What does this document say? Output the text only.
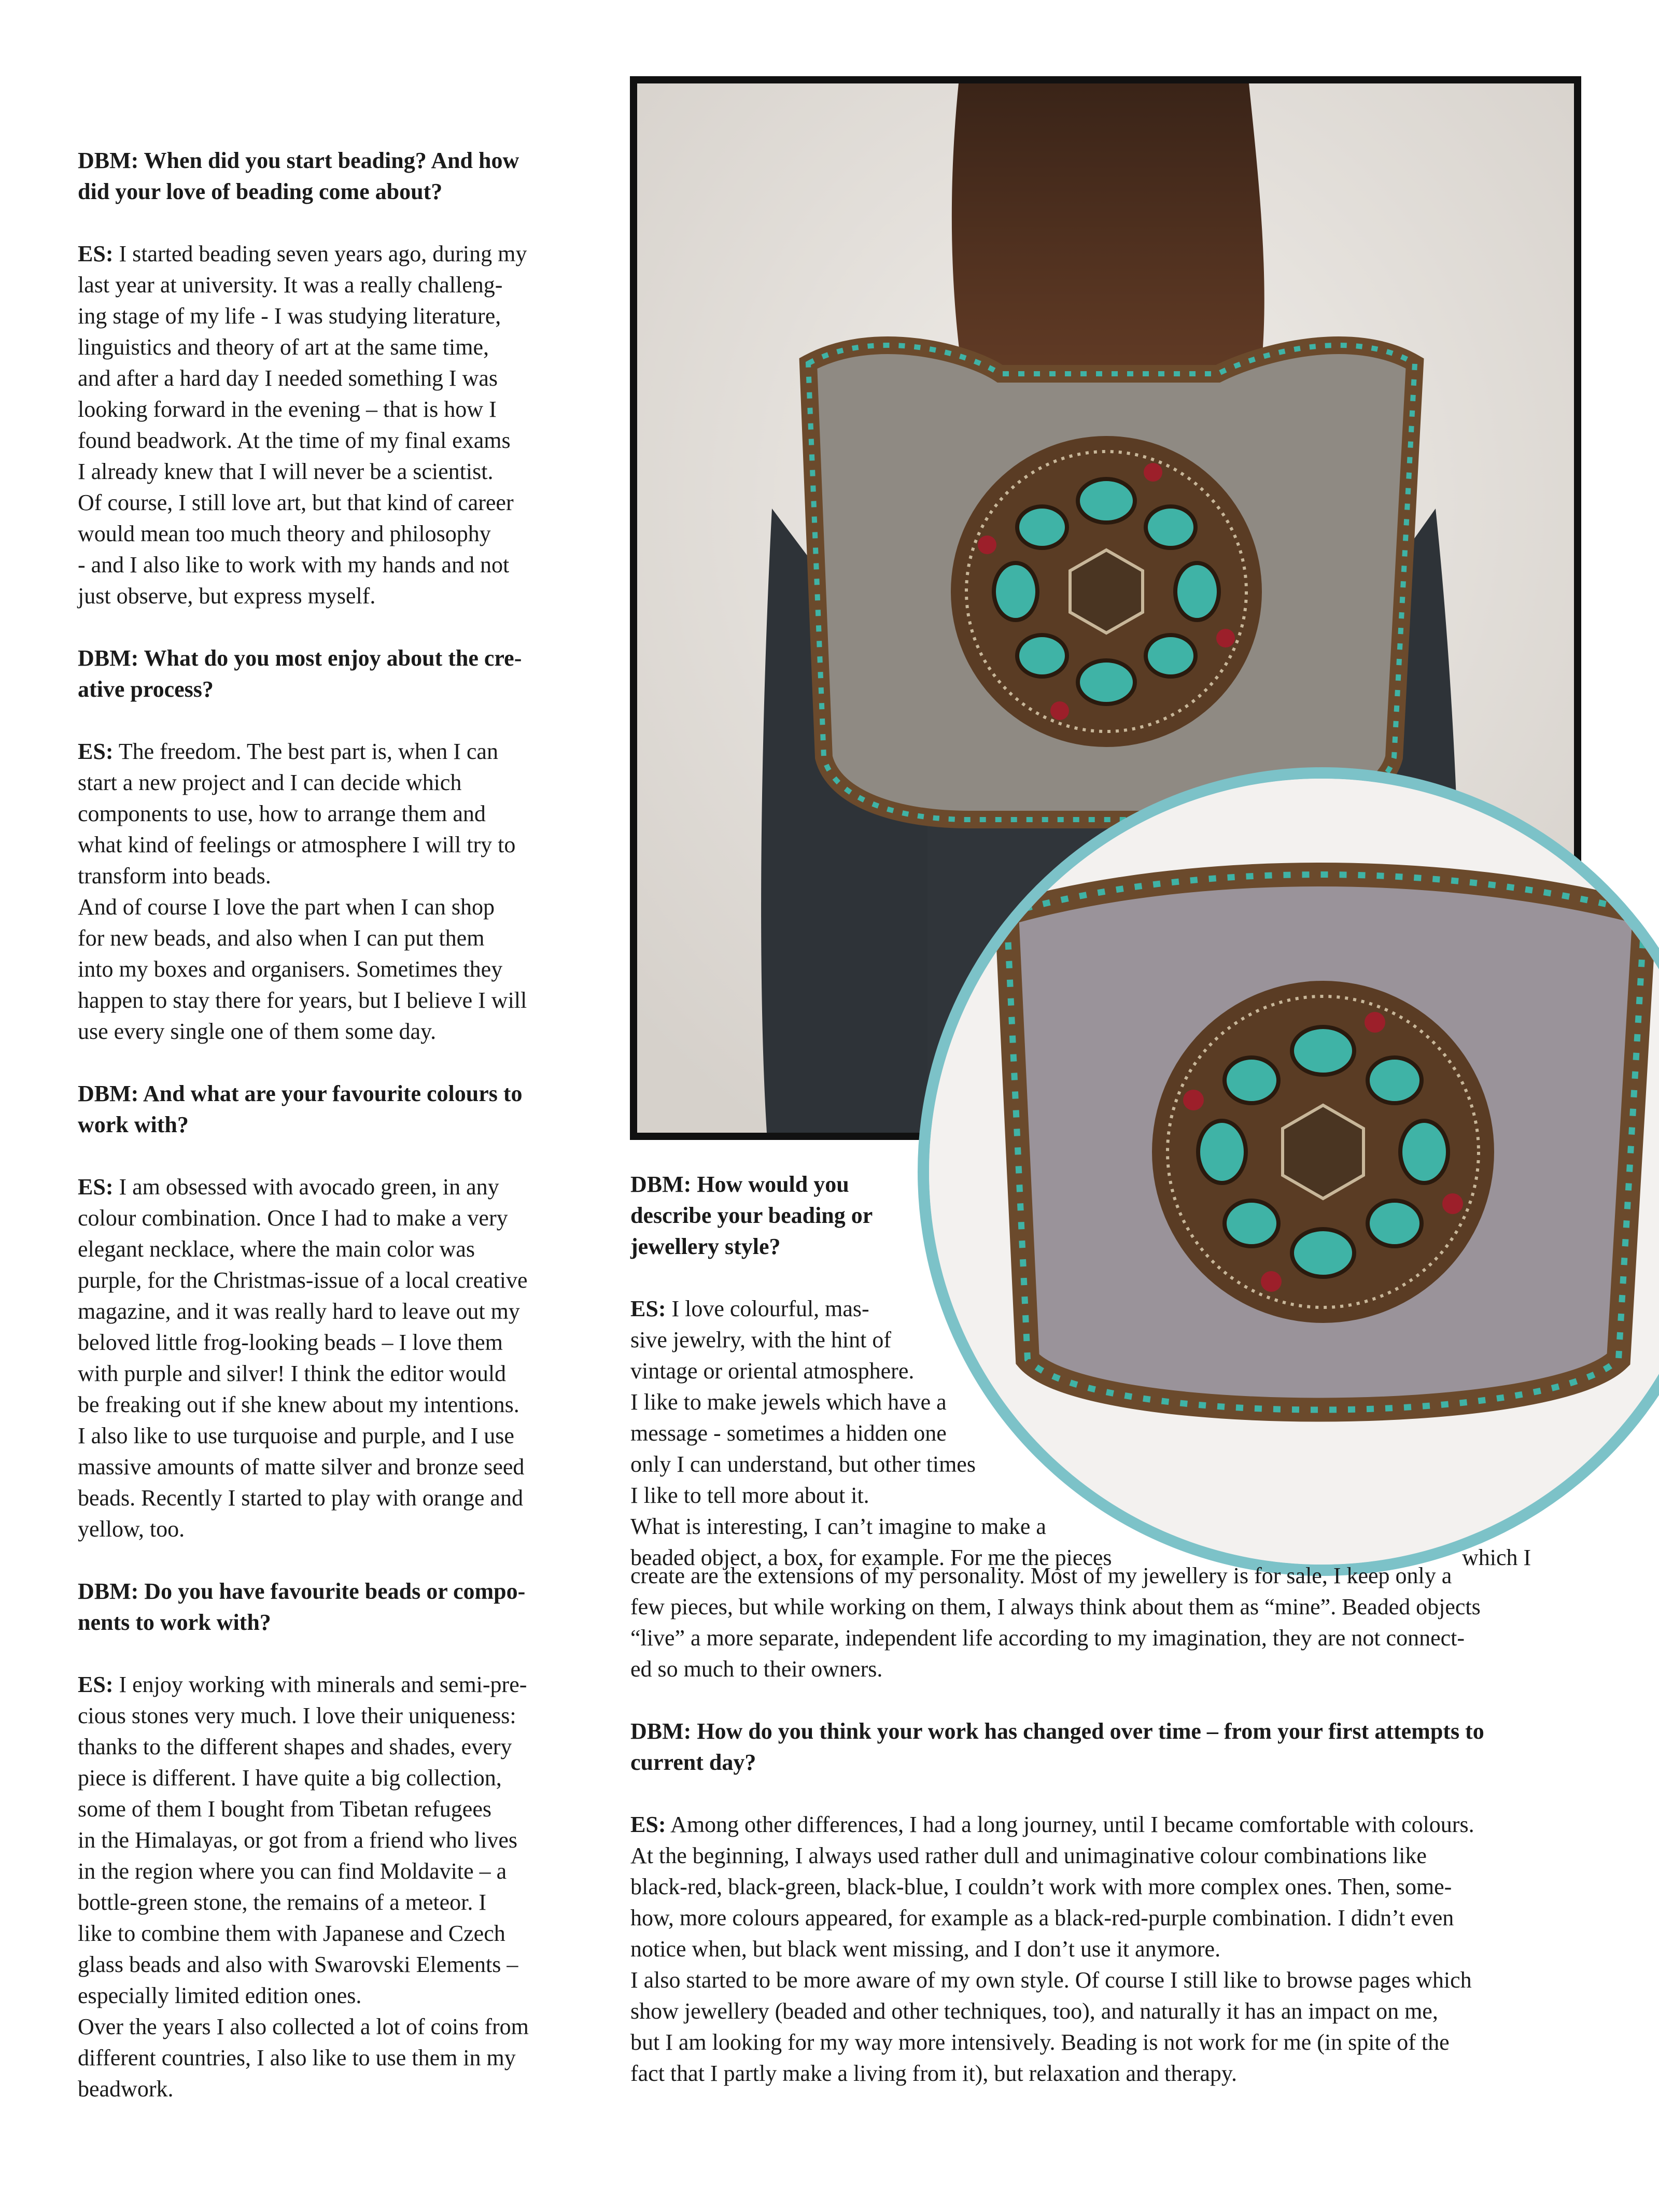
DBM: When did you start beading? And how
did your love of beading come about?

ES: I started beading seven years ago, during my
last year at university. It was a really challeng-
ing stage of my life - I was studying literature,
linguistics and theory of art at the same time,
and after a hard day I needed something I was
looking forward in the evening – that is how I
found beadwork. At the time of my final exams
I already knew that I will never be a scientist.
Of course, I still love art, but that kind of career
would mean too much theory and philosophy
- and I also like to work with my hands and not
just observe, but express myself.

DBM: What do you most enjoy about the cre-
ative process?

ES: The freedom. The best part is, when I can
start a new project and I can decide which
components to use, how to arrange them and
what kind of feelings or atmosphere I will try to
transform into beads.
And of course I love the part when I can shop
for new beads, and also when I can put them
into my boxes and organisers. Sometimes they
happen to stay there for years, but I believe I will
use every single one of them some day.

DBM: And what are your favourite colours to
work with?

ES: I am obsessed with avocado green, in any
colour combination. Once I had to make a very
elegant necklace, where the main color was
purple, for the Christmas-issue of a local creative
magazine, and it was really hard to leave out my
beloved little frog-looking beads – I love them
with purple and silver! I think the editor would
be freaking out if she knew about my intentions.
I also like to use turquoise and purple, and I use
massive amounts of matte silver and bronze seed
beads. Recently I started to play with orange and
yellow, too.

DBM: Do you have favourite beads or compo-
nents to work with?

ES: I enjoy working with minerals and semi-pre-
cious stones very much. I love their uniqueness:
thanks to the different shapes and shades, every
piece is different. I have quite a big collection,
some of them I bought from Tibetan refugees
in the Himalayas, or got from a friend who lives
in the region where you can find Moldavite – a
bottle-green stone, the remains of a meteor. I
like to combine them with Japanese and Czech
glass beads and also with Swarovski Elements –
especially limited edition ones.
Over the years I also collected a lot of coins from
different countries, I also like to use them in my
beadwork.

DBM: How would you
describe your beading or
jewellery style?

ES: I love colourful, mas-
sive jewelry, with the hint of
vintage or oriental atmosphere.
I like to make jewels which have a
message - sometimes a hidden one
only I can understand, but other times
I like to tell more about it.
What is interesting, I can’t imagine to make a

beaded object, a box, for example. For me the pieces	which I

create are the extensions of my personality. Most of my jewellery is for sale, I keep only a
few pieces, but while working on them, I always think about them as “mine”. Beaded objects
“live” a more separate, independent life according to my imagination, they are not connect-
ed so much to their owners.

DBM: How do you think your work has changed over time – from your first attempts to
current day?

ES: Among other differences, I had a long journey, until I became comfortable with colours.
At the beginning, I always used rather dull and unimaginative colour combinations like
black-red, black-green, black-blue, I couldn’t work with more complex ones. Then, some-
how, more colours appeared, for example as a black-red-purple combination. I didn’t even
notice when, but black went missing, and I don’t use it anymore.
I also started to be more aware of my own style. Of course I still like to browse pages which
show jewellery (beaded and other techniques, too), and naturally it has an impact on me,
but I am looking for my way more intensively. Beading is not work for me (in spite of the
fact that I partly make a living from it), but relaxation and therapy.
